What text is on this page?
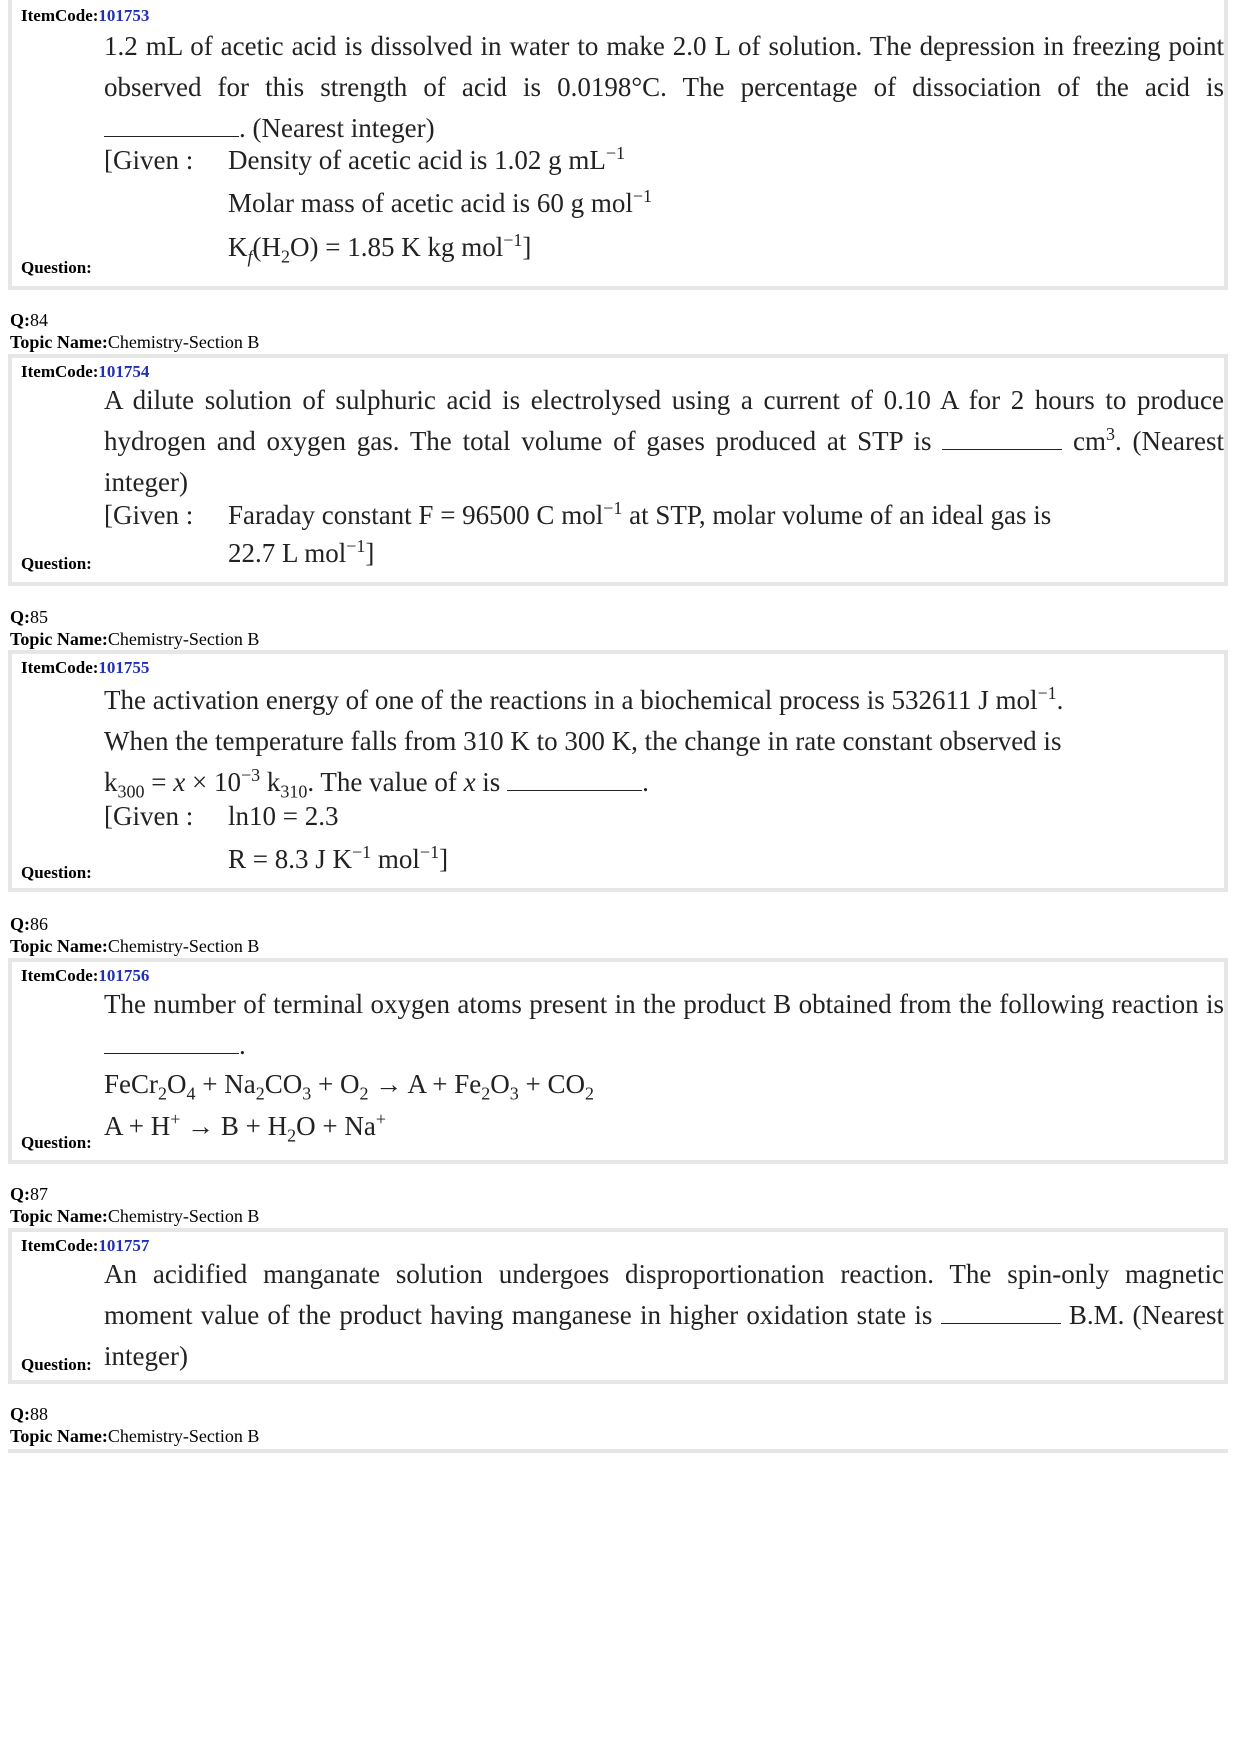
ItemCode:101753
1.2 mL of acetic acid is dissolved in water to make 2.0 L of solution. The depression in freezing point observed for this strength of acid is 0.0198°C. The percentage of dissociation of the acid is . (Nearest integer)
[Given : Density of acetic acid is 1.02 g $mL^{-1}$
Molar mass of acetic acid is 60 g mol$^{-1}$
$K_f(H_2O) = 1.85$ K kg mol$^{-1}$]
Question:
Q:84
Topic Name:Chemistry-Section B
ItemCode:101754
A dilute solution of sulphuric acid is electrolysed using a current of 0.10 A for 2 hours to produce hydrogen and oxygen gas. The total volume of gases produced at STP is	$cm^3$. (Nearest integer)
[Given : Faraday constant F = 96500 C mol$^{-1}$ at STP, molar volume of an ideal gas is
22.7 L mol$^{-1}$]
Question:
Q:85
Topic Name:Chemistry-Section B
ItemCode:101755
The activation energy of one of the reactions in a biochemical process is 532611 J mol$^{-1}$.
When the temperature falls from 310 K to 300 K, the change in rate constant observed is
$k_{300} = x \times 10^{-3}$ $k_{310}$. The value of x is	.
[Given : ln10 = 2.3
R = 8.3 J $K^{-1}$ mol$^{-1}$]
Question:
Q:86
Topic Name:Chemistry-Section B
ItemCode:101756
The number of terminal oxygen atoms present in the product B obtained from the following reaction is .
$FeCr_2O_4 + Na_2CO_3 + O_2 \to A + Fe_2O_3 + CO_2$
$A + H^+ \to B + H_2O + Na^+$
Question:
Q:87
Topic Name:Chemistry-Section B
ItemCode:101757
An acidified manganate solution undergoes disproportionation reaction. The spin-only magnetic moment value of the product having manganese in higher oxidation state is	B.M. (Nearest integer)
Question:
Q:88
Topic Name:Chemistry-Section B
